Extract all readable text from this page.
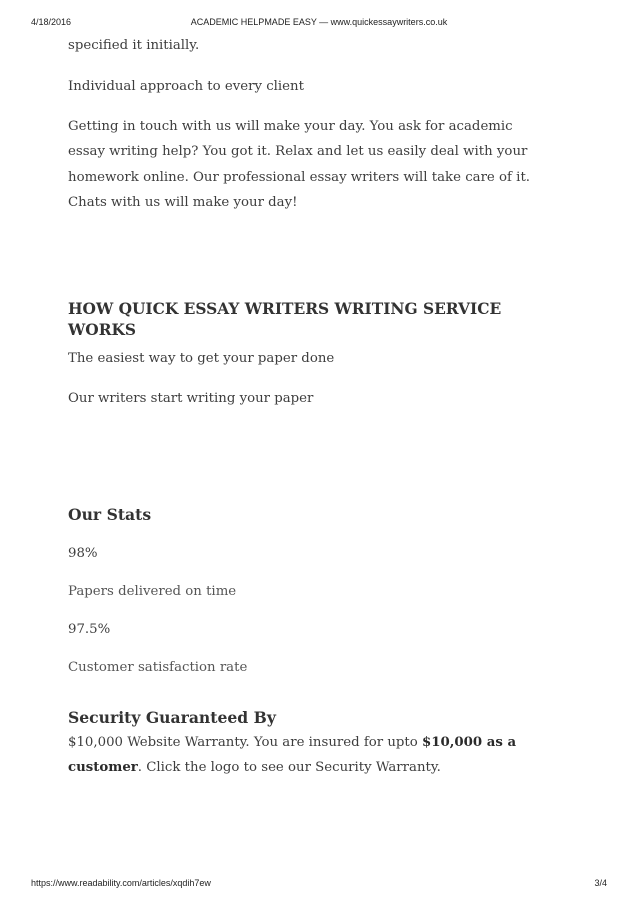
4/18/2016	ACADEMIC HELPMADE EASY — www.quickessaywriters.co.uk

specified it initially.

Individual approach to every client

Getting in touch with us will make your day. You ask for academic

essay writing help? You got it. Relax and let us easily deal with your

homework online. Our professional essay writers will take care of it.

Chats with us will make your day!

HOW QUICK ESSAY WRITERS WRITING SERVICE
WORKS

The easiest way to get your paper done

Our writers start writing your paper

Our Stats

98%

Papers delivered on time

97.5%

Customer satisfaction rate

Security Guaranteed By

$10,000 Website Warranty. You are insured for upto $10,000 as a

customer. Click the logo to see our Security Warranty.

https://www.readability.com/articles/xqdih7ew	3/4
